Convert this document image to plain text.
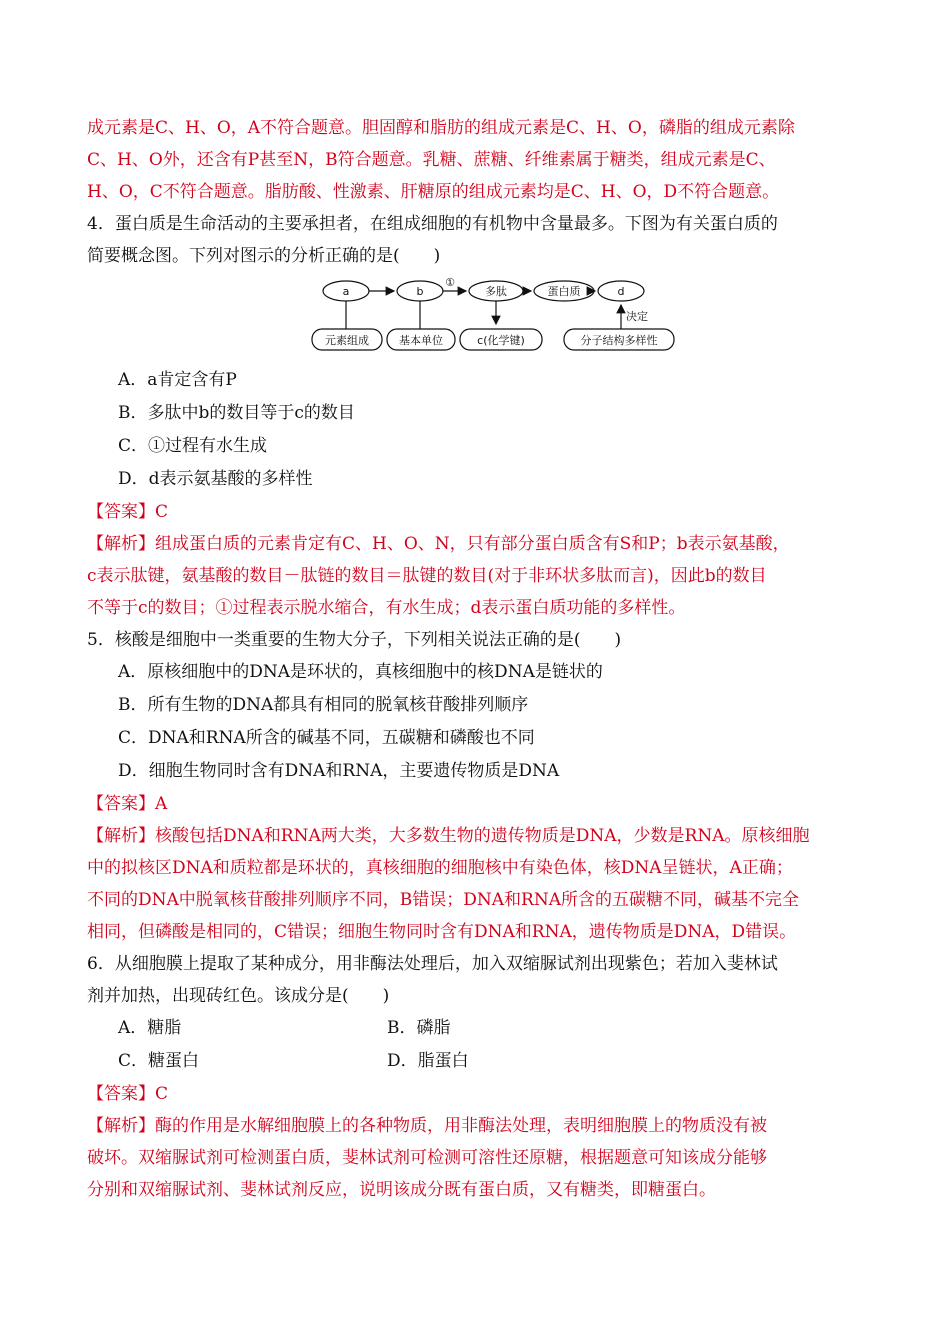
成元素是C、H、O，A不符合题意。胆固醇和脂肪的组成元素是C、H、O，磷脂的组成元素除
C、H、O外，还含有P甚至N，B符合题意。乳糖、蔗糖、纤维素属于糖类，组成元素是C、
H、O，C不符合题意。脂肪酸、性激素、肝糖原的组成元素均是C、H、O，D不符合题意。
4．蛋白质是生命活动的主要承担者，在组成细胞的有机物中含量最多。下图为有关蛋白质的
简要概念图。下列对图示的分析正确的是(　　)
a	b	多肽	蛋白质	d
①
元素组成	基本单位	c(化学键)	分子结构多样性
决定
A．a肯定含有P
B．多肽中b的数目等于c的数目
C．①过程有水生成
D．d表示氨基酸的多样性
【答案】C
【解析】组成蛋白质的元素肯定有C、H、O、N，只有部分蛋白质含有S和P；b表示氨基酸，
c表示肽键，氨基酸的数目－肽链的数目＝肽键的数目(对于非环状多肽而言)，因此b的数目
不等于c的数目；①过程表示脱水缩合，有水生成；d表示蛋白质功能的多样性。
5．核酸是细胞中一类重要的生物大分子，下列相关说法正确的是(　　)
A．原核细胞中的DNA是环状的，真核细胞中的核DNA是链状的
B．所有生物的DNA都具有相同的脱氧核苷酸排列顺序
C．DNA和RNA所含的碱基不同，五碳糖和磷酸也不同
D．细胞生物同时含有DNA和RNA，主要遗传物质是DNA
【答案】A
【解析】核酸包括DNA和RNA两大类，大多数生物的遗传物质是DNA，少数是RNA。原核细胞
中的拟核区DNA和质粒都是环状的，真核细胞的细胞核中有染色体，核DNA呈链状，A正确；
不同的DNA中脱氧核苷酸排列顺序不同，B错误；DNA和RNA所含的五碳糖不同，碱基不完全
相同，但磷酸是相同的，C错误；细胞生物同时含有DNA和RNA，遗传物质是DNA，D错误。
6．从细胞膜上提取了某种成分，用非酶法处理后，加入双缩脲试剂出现紫色；若加入斐林试
剂并加热，出现砖红色。该成分是(　　)
A．糖脂	B．磷脂
C．糖蛋白	D．脂蛋白
【答案】C
【解析】酶的作用是水解细胞膜上的各种物质，用非酶法处理，表明细胞膜上的物质没有被
破坏。双缩脲试剂可检测蛋白质，斐林试剂可检测可溶性还原糖，根据题意可知该成分能够
分别和双缩脲试剂、斐林试剂反应，说明该成分既有蛋白质，又有糖类，即糖蛋白。
